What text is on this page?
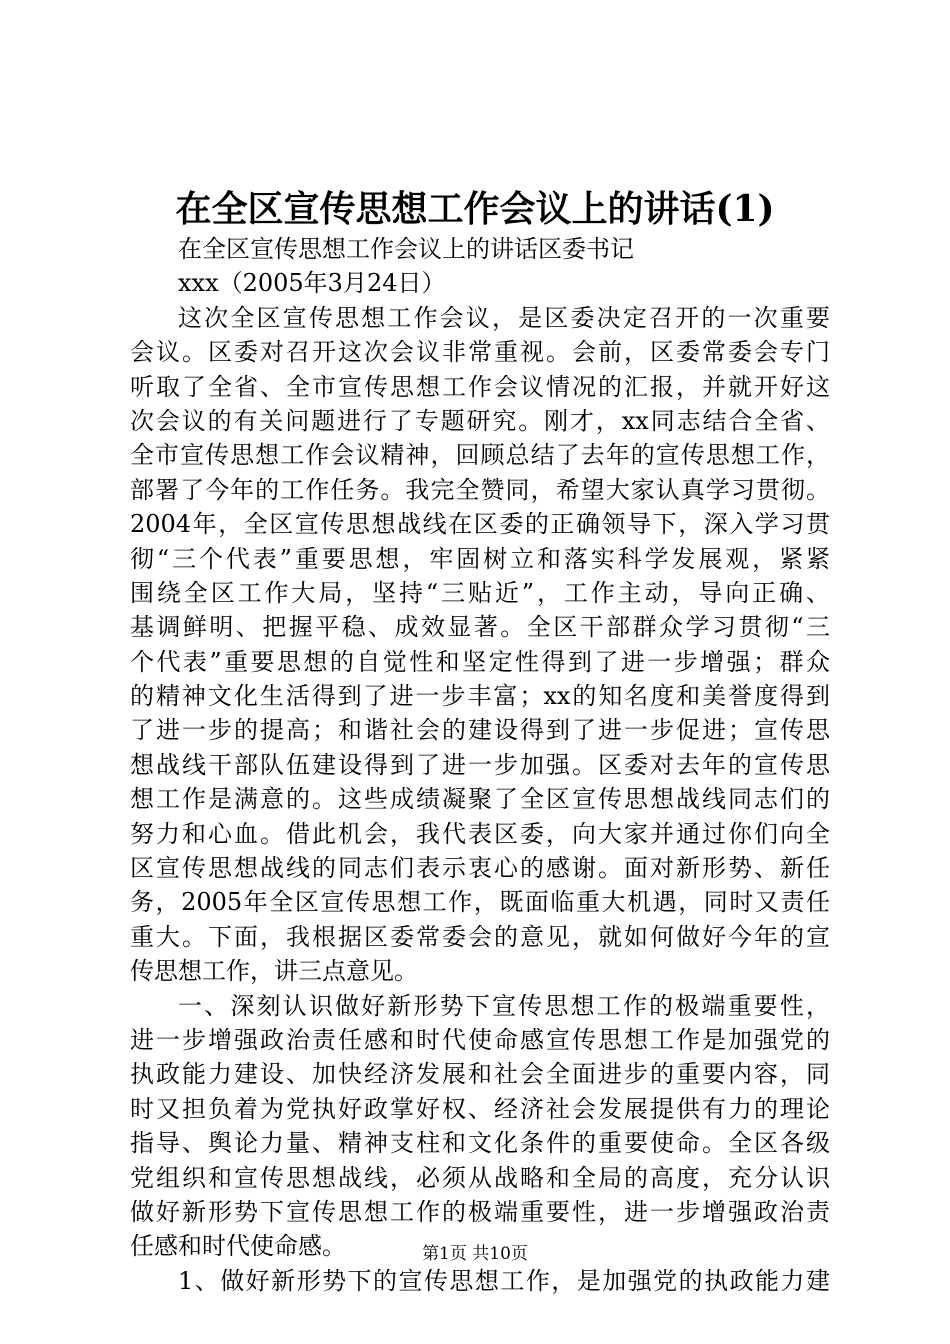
在全区宣传思想工作会议上的讲话(1)
在全区宣传思想工作会议上的讲话区委书记
xxx（2005年3月24日）
这次全区宣传思想工作会议，是区委决定召开的一次重要
会议。区委对召开这次会议非常重视。会前，区委常委会专门
听取了全省、全市宣传思想工作会议情况的汇报，并就开好这
次会议的有关问题进行了专题研究。刚才，xx同志结合全省、
全市宣传思想工作会议精神，回顾总结了去年的宣传思想工作，
部署了今年的工作任务。我完全赞同，希望大家认真学习贯彻。
2004年，全区宣传思想战线在区委的正确领导下，深入学习贯
彻“三个代表”重要思想，牢固树立和落实科学发展观，紧紧
围绕全区工作大局，坚持“三贴近”，工作主动，导向正确、
基调鲜明、把握平稳、成效显著。全区干部群众学习贯彻“三
个代表”重要思想的自觉性和坚定性得到了进一步增强；群众
的精神文化生活得到了进一步丰富；xx的知名度和美誉度得到
了进一步的提高；和谐社会的建设得到了进一步促进；宣传思
想战线干部队伍建设得到了进一步加强。区委对去年的宣传思
想工作是满意的。这些成绩凝聚了全区宣传思想战线同志们的
努力和心血。借此机会，我代表区委，向大家并通过你们向全
区宣传思想战线的同志们表示衷心的感谢。面对新形势、新任
务，2005年全区宣传思想工作，既面临重大机遇，同时又责任
重大。下面，我根据区委常委会的意见，就如何做好今年的宣
传思想工作，讲三点意见。
一、深刻认识做好新形势下宣传思想工作的极端重要性，
进一步增强政治责任感和时代使命感宣传思想工作是加强党的
执政能力建设、加快经济发展和社会全面进步的重要内容，同
时又担负着为党执好政掌好权、经济社会发展提供有力的理论
指导、舆论力量、精神支柱和文化条件的重要使命。全区各级
党组织和宣传思想战线，必须从战略和全局的高度，充分认识
做好新形势下宣传思想工作的极端重要性，进一步增强政治责
任感和时代使命感。
1、做好新形势下的宣传思想工作，是加强党的执政能力建
第1页 共10页
